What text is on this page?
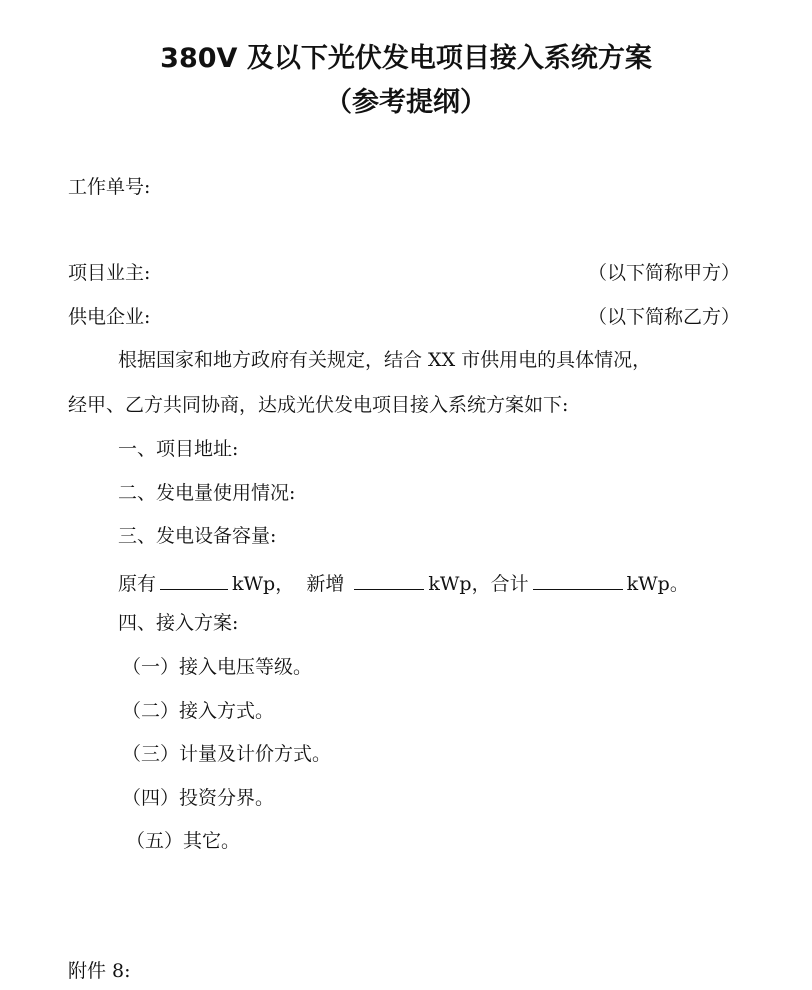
380V 及以下光伏发电项目接入系统方案
（参考提纲）
工作单号:
项目业主:	（以下简称甲方）
供电企业:	（以下简称乙方）
根据国家和地方政府有关规定，结合 XX 市供用电的具体情况，
经甲、乙方共同协商，达成光伏发电项目接入系统方案如下:
一、项目地址:
二、发电量使用情况:
三、发电设备容量:
原有	kWp， 新增	kWp，合计	kWp。
四、接入方案:
（一）接入电压等级。
（二）接入方式。
（三）计量及计价方式。
（四）投资分界。
（五）其它。
附件 8:
